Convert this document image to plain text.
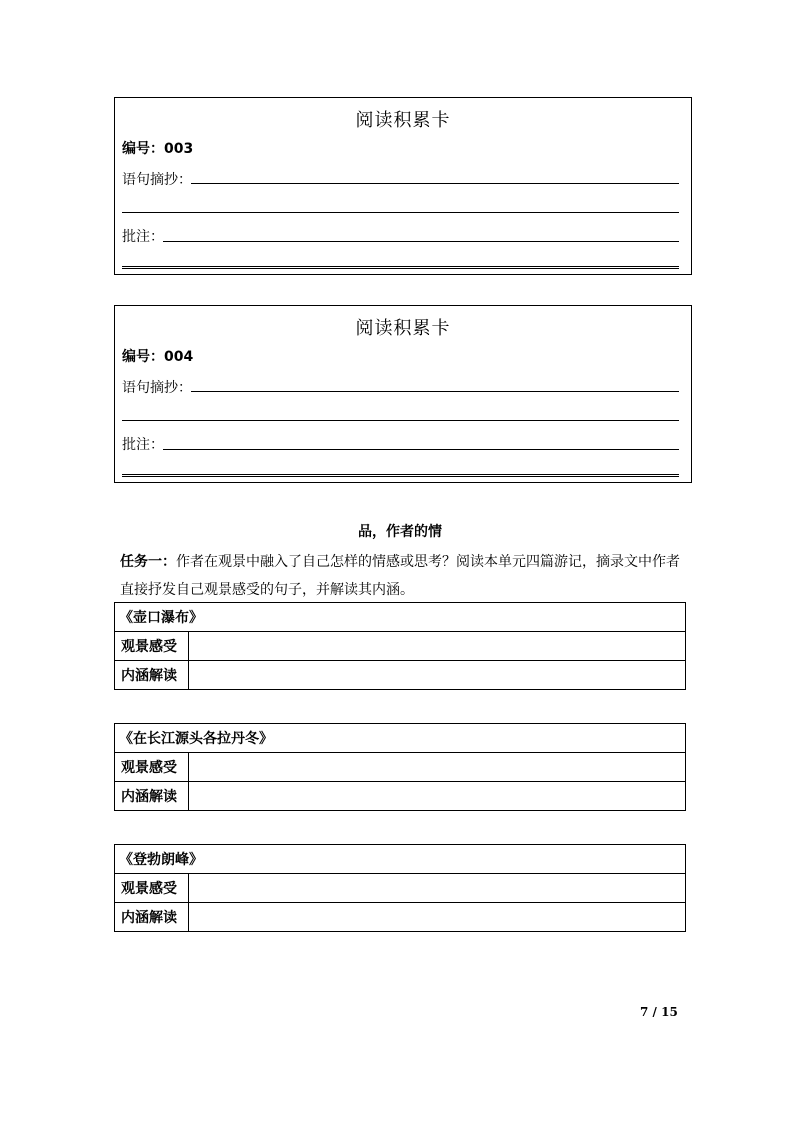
阅读积累卡
编号：003
语句摘抄：
批注：
阅读积累卡
编号：004
语句摘抄：
批注：
品，作者的情
任务一：作者在观景中融入了自己怎样的情感或思考？阅读本单元四篇游记，摘录文中作者直接抒发自己观景感受的句子，并解读其内涵。
《壶口瀑布》	
观景感受	
内涵解读	
《在长江源头各拉丹冬》	
观景感受	
内涵解读	
《登勃朗峰》	
观景感受	
内涵解读	
7 / 15
